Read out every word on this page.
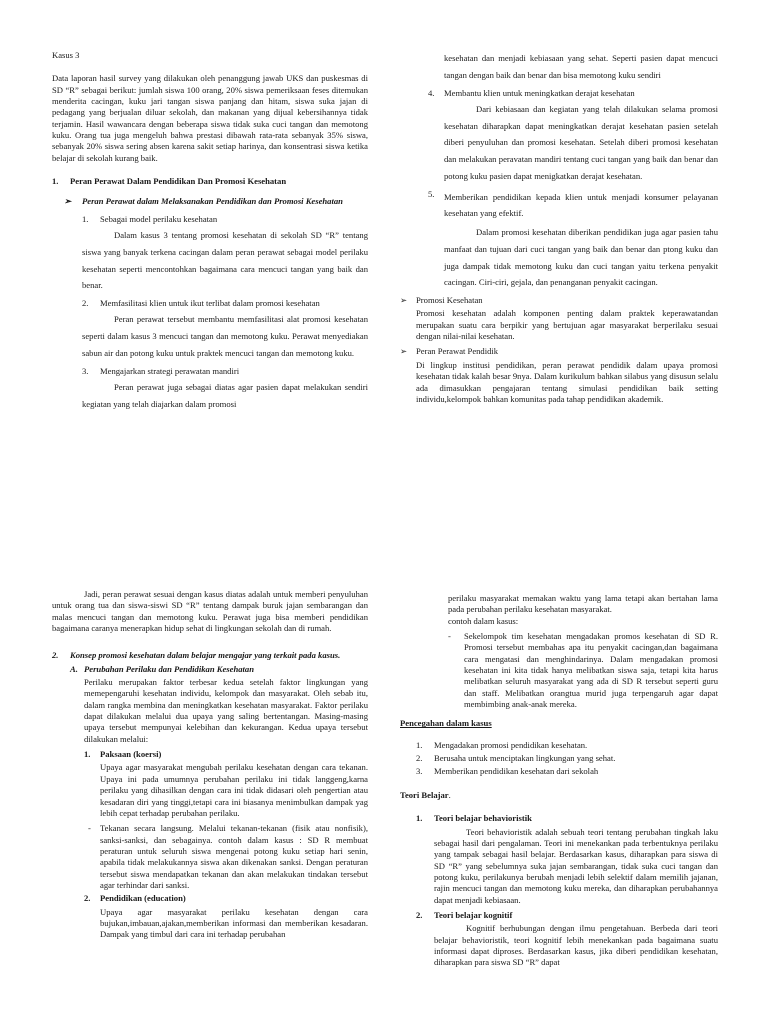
Kasus 3

Data laporan hasil survey yang dilakukan oleh penanggung jawab UKS dan puskesmas di SD “R” sebagai berikut: jumlah siswa 100 orang, 20% siswa pemeriksaan feses ditemukan menderita cacingan, kuku jari tangan siswa panjang dan hitam, siswa suka jajan di pedagang yang berjualan diluar sekolah, dan makanan yang dijual kebersihannya tidak terjamin. Hasil wawancara dengan beberapa siswa tidak suka cuci tangan dan memotong kuku. Orang tua juga mengeluh bahwa prestasi dibawah rata-rata sebanyak 35% siswa, sebanyak 20% siswa sering absen karena sakit setiap harinya, dan konsentrasi siswa ketika belajar di sekolah kurang baik.

1.	Peran Perawat Dalam Pendidikan Dan Promosi Kesehatan
➢	Peran Perawat dalam Melaksanakan Pendidikan dan Promosi Kesehatan
1.	Sebagai model perilaku kesehatan

Dalam kasus 3 tentang promosi kesehatan di sekolah SD “R” tentang siswa yang banyak terkena cacingan dalam peran perawat sebagai model perilaku kesehatan seperti mencontohkan bagaimana cara mencuci tangan yang baik dan benar.

2.	Memfasilitasi klien untuk ikut terlibat dalam promosi kesehatan

Peran perawat tersebut membantu memfasilitasi alat promosi kesehatan seperti dalam kasus 3 mencuci tangan dan memotong kuku. Perawat menyediakan sabun air dan potong kuku untuk praktek mencuci tangan dan memotong kuku.

3.	Mengajarkan strategi perawatan mandiri

Peran perawat juga sebagai diatas agar pasien dapat melakukan sendiri kegiatan yang telah diajarkan dalam promosi

kesehatan dan menjadi kebiasaan yang sehat. Seperti pasien dapat mencuci tangan dengan baik dan benar dan bisa memotong kuku sendiri

4.	Membantu klien untuk meningkatkan derajat kesehatan

Dari kebiasaan dan kegiatan yang telah dilakukan selama promosi kesehatan diharapkan dapat meningkatkan derajat kesehatan pasien setelah diberi penyuluhan dan promosi kesehatan. Setelah diberi promosi kesehatan dan melakukan peravatan mandiri tentang cuci tangan yang baik dan benar dan potong kuku pasien dapat menigkatkan derajat kesehatan.

5.	Memberikan pendidikan kepada klien untuk menjadi konsumer pelayanan kesehatan yang efektif.

Dalam promosi kesehatan diberikan pendidikan juga agar pasien tahu manfaat dan tujuan dari cuci tangan yang baik dan benar dan ptong kuku dan juga dampak tidak memotong kuku dan cuci tangan yaitu terkena penyakit cacingan. Ciri-ciri, gejala, dan penanganan penyakit cacingan.

➢	Promosi Kesehatan

Promosi kesehatan adalah komponen penting dalam praktek keperawatandan merupakan suatu cara berpikir yang bertujuan agar masyarakat berperilaku sesuai dengan nilai-nilai kesehatan.

➢	Peran Perawat Pendidik

Di lingkup institusi pendidikan, peran perawat pendidik dalam upaya promosi kesehatan tidak kalah besar 9nya. Dalam kurikulum bahkan silabus yang disusun selalu ada dimasukkan pengajaran tentang simulasi pendidikan baik setting individu,kelompok bahkan komunitas pada tahap pendidikan akademik.

Jadi, peran perawat sesuai dengan kasus diatas adalah untuk memberi penyuluhan untuk orang tua dan siswa-siswi SD “R” tentang dampak buruk jajan sembarangan dan malas mencuci tangan dan memotong kuku. Perawat juga bisa memberi pendidikan bagaimana caranya menerapkan hidup sehat di lingkungan sekolah dan di rumah.

2.	Konsep promosi kesehatan dalam belajar mengajar yang terkait pada kasus.
A. Perubahan Perilaku dan Pendidikan Kesehatan

Perilaku merupakan faktor terbesar kedua setelah faktor lingkungan yang memepengaruhi kesehatan individu, kelompok dan masyarakat. Oleh sebab itu, dalam rangka membina dan meningkatkan kesehatan masyarakat. Faktor perilaku dapat dilakukan melalui dua upaya yang saling bertentangan. Masing-masing upaya tersebut mempunyai kelebihan dan kekurangan. Kedua upaya tersebut dilakukan melalui:

1.	Paksaan (koersi)

Upaya agar masyarakat mengubah perilaku kesehatan dengan cara tekanan. Upaya ini pada umumnya perubahan perilaku ini tidak langgeng,karna perilaku yang dihasilkan dengan cara ini tidak didasari oleh pengertian atau kesadaran diri yang tinggi,tetapi cara ini biasanya menimbulkan dampak yag lebih cepat terhadap perubahan perilaku.

-	Tekanan secara langsung. Melalui tekanan-tekanan (fisik atau nonfisik), sanksi-sanksi, dan sebagainya. contoh dalam kasus : SD R membuat peraturan untuk seluruh siswa mengenai potong kuku setiap hari senin, apabila tidak melakukannya siswa akan dikenakan sanksi. Dengan peraturan tersebut siswa mendapatkan tekanan dan akan melakukan tindakan tersebut agar terhindar dari sanksi.
2.	Pendidikan (education)

Upaya agar masyarakat perilaku kesehatan dengan cara bujukan,imbauan,ajakan,memberikan informasi dan memberikan kesadaran. Dampak yang timbul dari cara ini terhadap perubahan

perilaku masyarakat memakan waktu yang lama tetapi akan bertahan lama pada perubahan perilaku kesehatan masyarakat.

contoh dalam kasus:

-	Sekelompok tim kesehatan mengadakan promos kesehatan di SD R. Promosi tersebut membahas apa itu penyakit cacingan,dan bagaimana cara mengatasi dan menghindarinya. Dalam mengadakan promosi kesehatan ini kita tidak hanya melibatkan siswa saja, tetapi kita harus melibatkan seluruh masyarakat yang ada di SD R tersebut seperti guru dan staff. Melibatkan orangtua murid juga terpengaruh agar dapat membimbing anak-anak mereka.

Pencegahan dalam kasus

1.	Mengadakan promosi pendidikan kesehatan.
2.	Berusaha untuk menciptakan lingkungan yang sehat.
3.	Memberikan pendidikan kesehatan dari sekolah

Teori Belajar.

1.	Teori belajar behavioristik

Teori behavioristik adalah sebuah teori tentang perubahan tingkah laku sebagai hasil dari pengalaman. Teori ini menekankan pada terbentuknya perilaku yang tampak sebagai hasil belajar. Berdasarkan kasus, diharapkan para siswa di SD “R” yang sebelumnya suka jajan sembarangan, tidak suka cuci tangan dan potong kuku, perilakunya berubah menjadi lebih selektif dalam memilih jajanan, rajin mencuci tangan dan memotong kuku mereka, dan diharapkan perubahannya dapat menjadi kebiasaan.

2.	Teori belajar kognitif

Kognitif berhubungan dengan ilmu pengetahuan. Berbeda dari teori belajar behavioristik, teori kognitif lebih menekankan pada bagaimana suatu informasi dapat diproses. Berdasarkan kasus, jika diberi pendidikan kesehatan, diharapkan para siswa SD “R” dapat
